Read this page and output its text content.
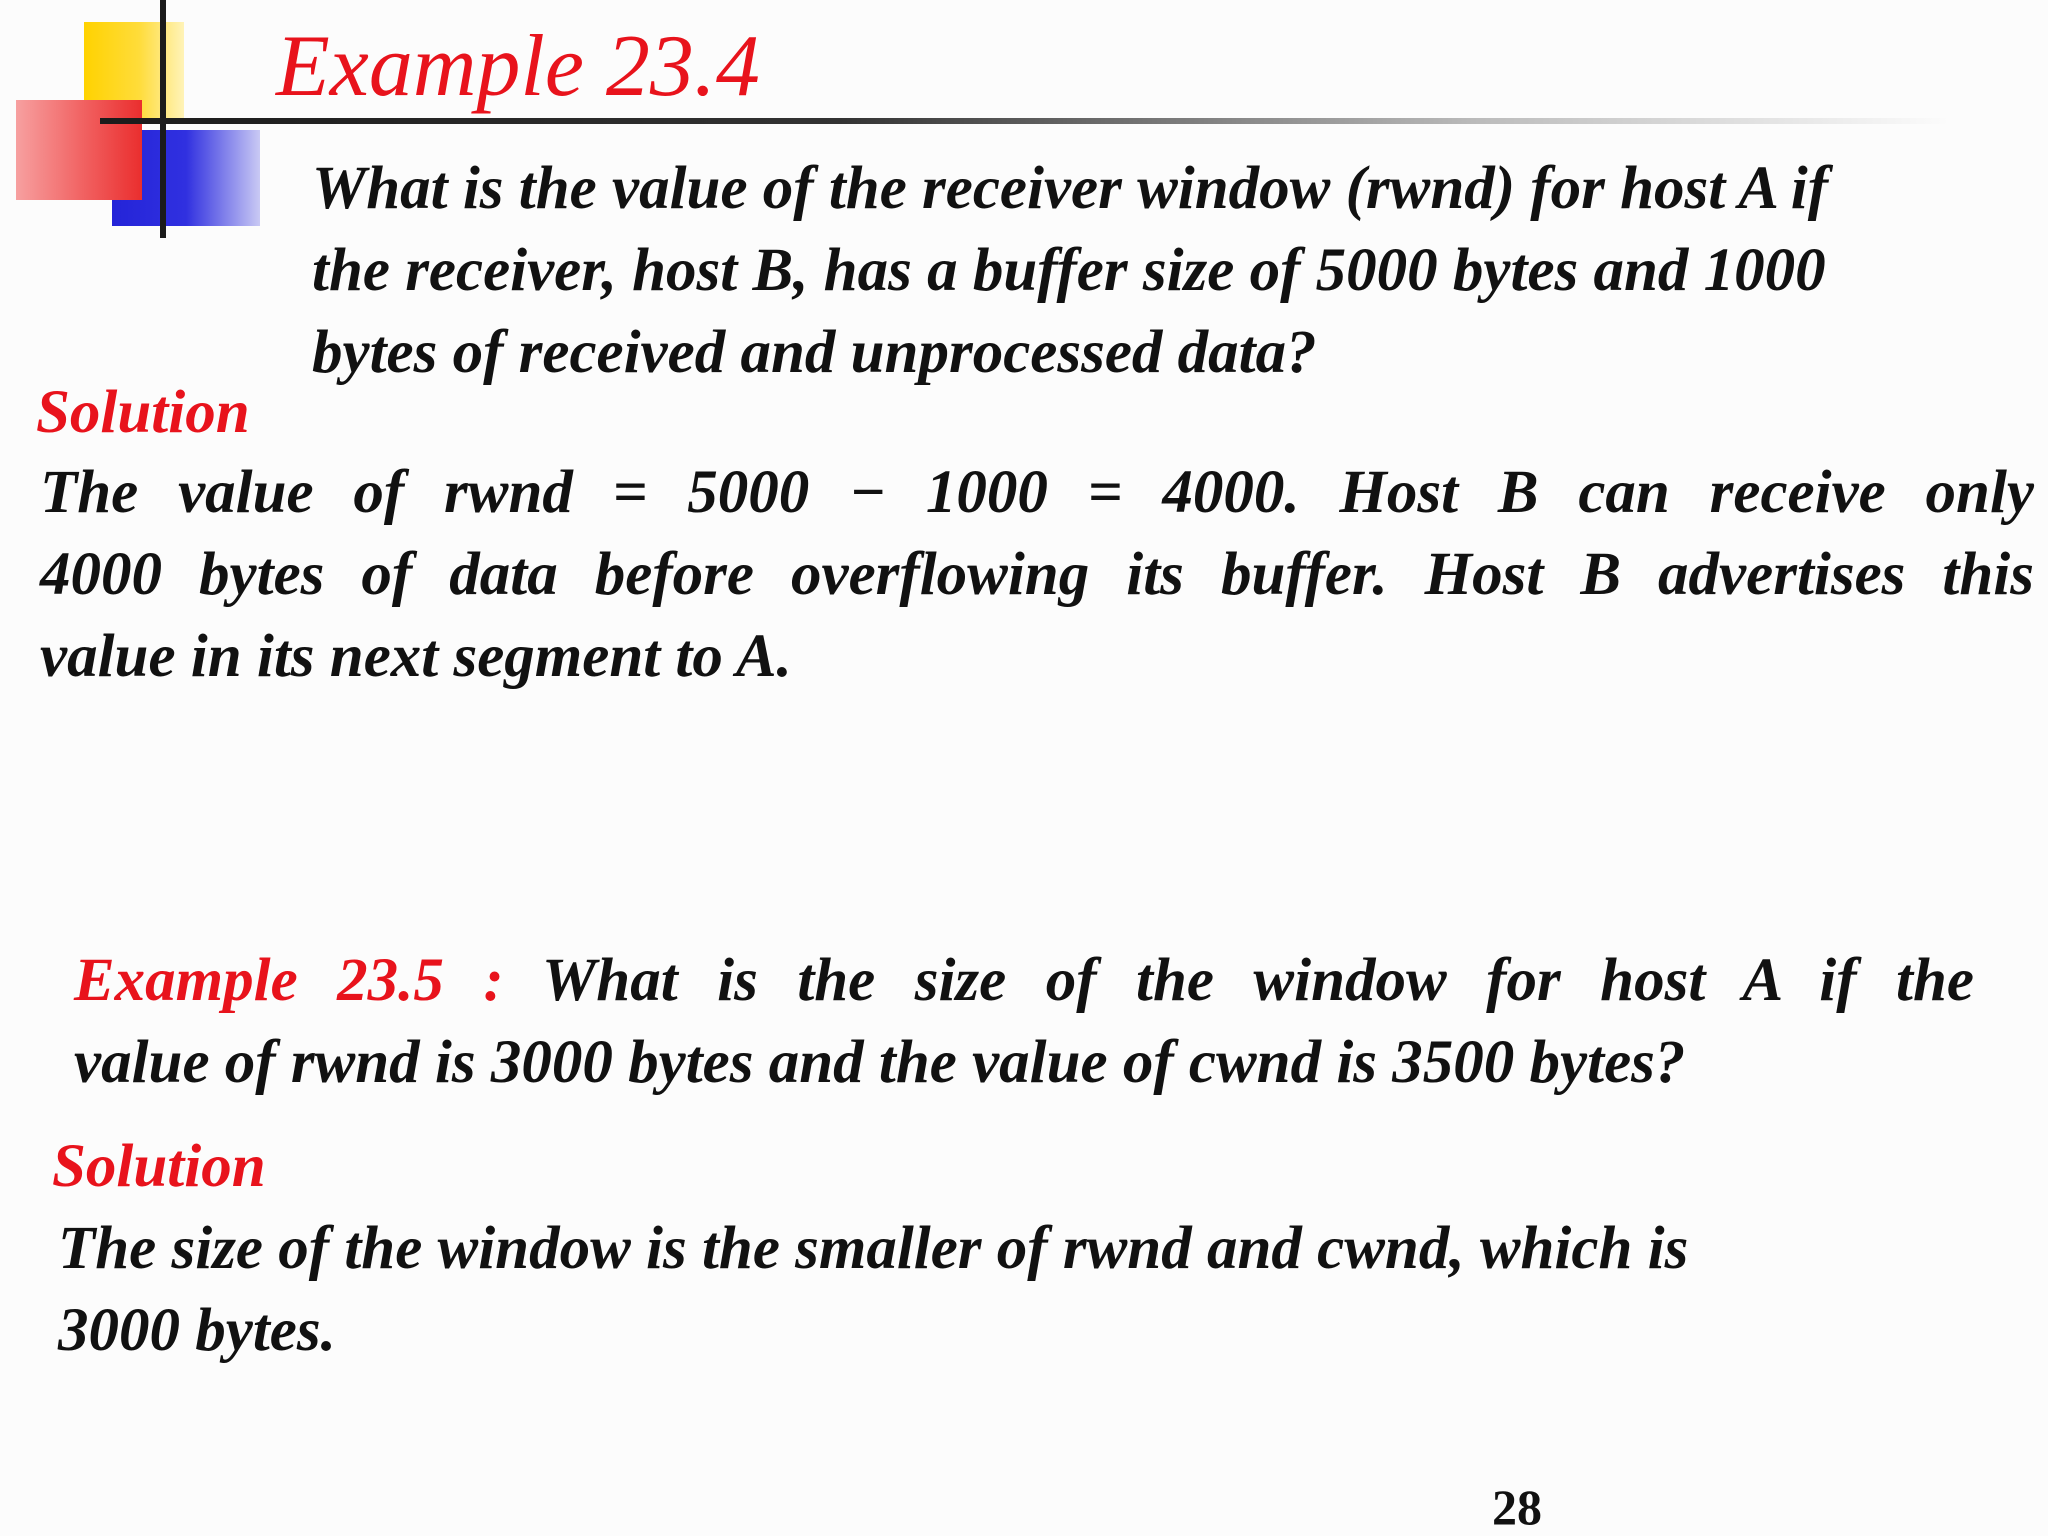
Example 23.4
What is the value of the receiver window (rwnd) for host A if
the receiver, host B, has a buffer size of 5000 bytes and 1000
bytes of received and unprocessed data?
Solution
The value of rwnd = 5000 − 1000 = 4000. Host B can receive only
4000 bytes of data before overflowing its buffer. Host B advertises this
value in its next segment to A.
Example 23.5 : What is the size of the window for host A if the
value of rwnd is 3000 bytes and the value of cwnd is 3500 bytes?
Solution
The size of the window is the smaller of rwnd and cwnd, which is
3000 bytes.
28
